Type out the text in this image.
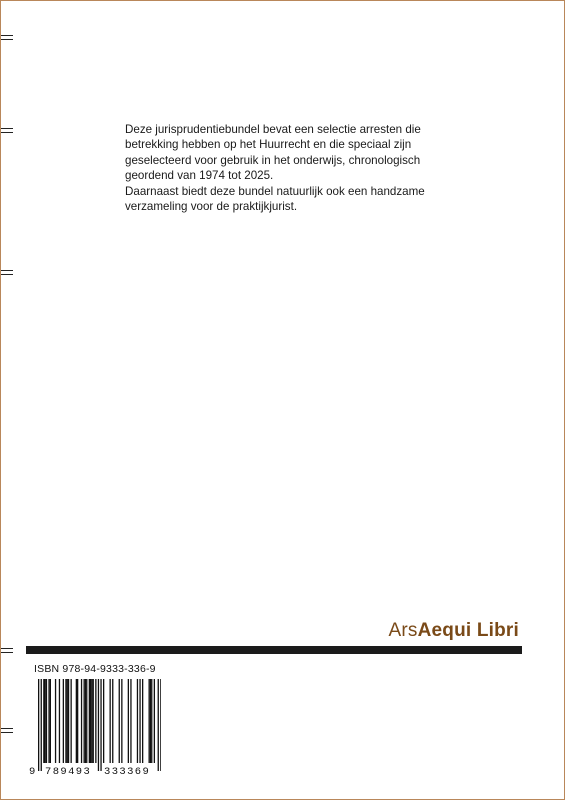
Deze jurisprudentiebundel bevat een selectie arresten die betrekking hebben op het Huurrecht en die speciaal zijn geselecteerd voor gebruik in het onderwijs, chronologisch geordend van 1974 tot 2025.

Daarnaast biedt deze bundel natuurlijk ook een handzame verzameling voor de praktijkjurist.

ArsAequi Libri
ISBN 978-94-9333-336-9
9 789493 333369
